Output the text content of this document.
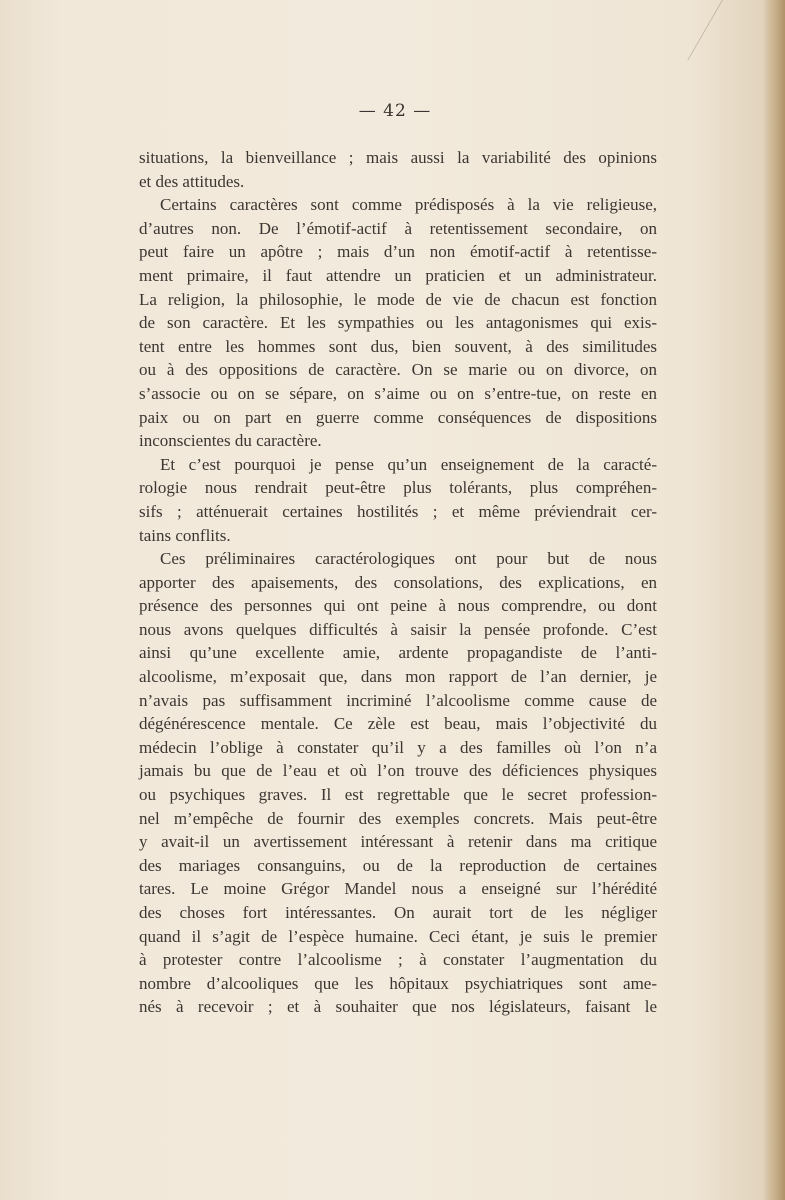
— 42 —
situations, la bienveillance ; mais aussi la variabilité des opinions
et des attitudes.
Certains caractères sont comme prédisposés à la vie religieuse,
d’autres non. De l’émotif-actif à retentissement secondaire, on
peut faire un apôtre ; mais d’un non émotif-actif à retentisse-
ment primaire, il faut attendre un praticien et un administrateur.
La religion, la philosophie, le mode de vie de chacun est fonction
de son caractère. Et les sympathies ou les antagonismes qui exis-
tent entre les hommes sont dus, bien souvent, à des similitudes
ou à des oppositions de caractère. On se marie ou on divorce, on
s’associe ou on se sépare, on s’aime ou on s’entre-tue, on reste en
paix ou on part en guerre comme conséquences de dispositions
inconscientes du caractère.
Et c’est pourquoi je pense qu’un enseignement de la caracté-
rologie nous rendrait peut-être plus tolérants, plus compréhen-
sifs ; atténuerait certaines hostilités ; et même préviendrait cer-
tains conflits.
Ces préliminaires caractérologiques ont pour but de nous
apporter des apaisements, des consolations, des explications, en
présence des personnes qui ont peine à nous comprendre, ou dont
nous avons quelques difficultés à saisir la pensée profonde. C’est
ainsi qu’une excellente amie, ardente propagandiste de l’anti-
alcoolisme, m’exposait que, dans mon rapport de l’an dernier, je
n’avais pas suffisamment incriminé l’alcoolisme comme cause de
dégénérescence mentale. Ce zèle est beau, mais l’objectivité du
médecin l’oblige à constater qu’il y a des familles où l’on n’a
jamais bu que de l’eau et où l’on trouve des déficiences physiques
ou psychiques graves. Il est regrettable que le secret profession-
nel m’empêche de fournir des exemples concrets. Mais peut-être
y avait-il un avertissement intéressant à retenir dans ma critique
des mariages consanguins, ou de la reproduction de certaines
tares. Le moine Grégor Mandel nous a enseigné sur l’hérédité
des choses fort intéressantes. On aurait tort de les négliger
quand il s’agit de l’espèce humaine. Ceci étant, je suis le premier
à protester contre l’alcoolisme ; à constater l’augmentation du
nombre d’alcooliques que les hôpitaux psychiatriques sont ame-
nés à recevoir ; et à souhaiter que nos législateurs, faisant le
